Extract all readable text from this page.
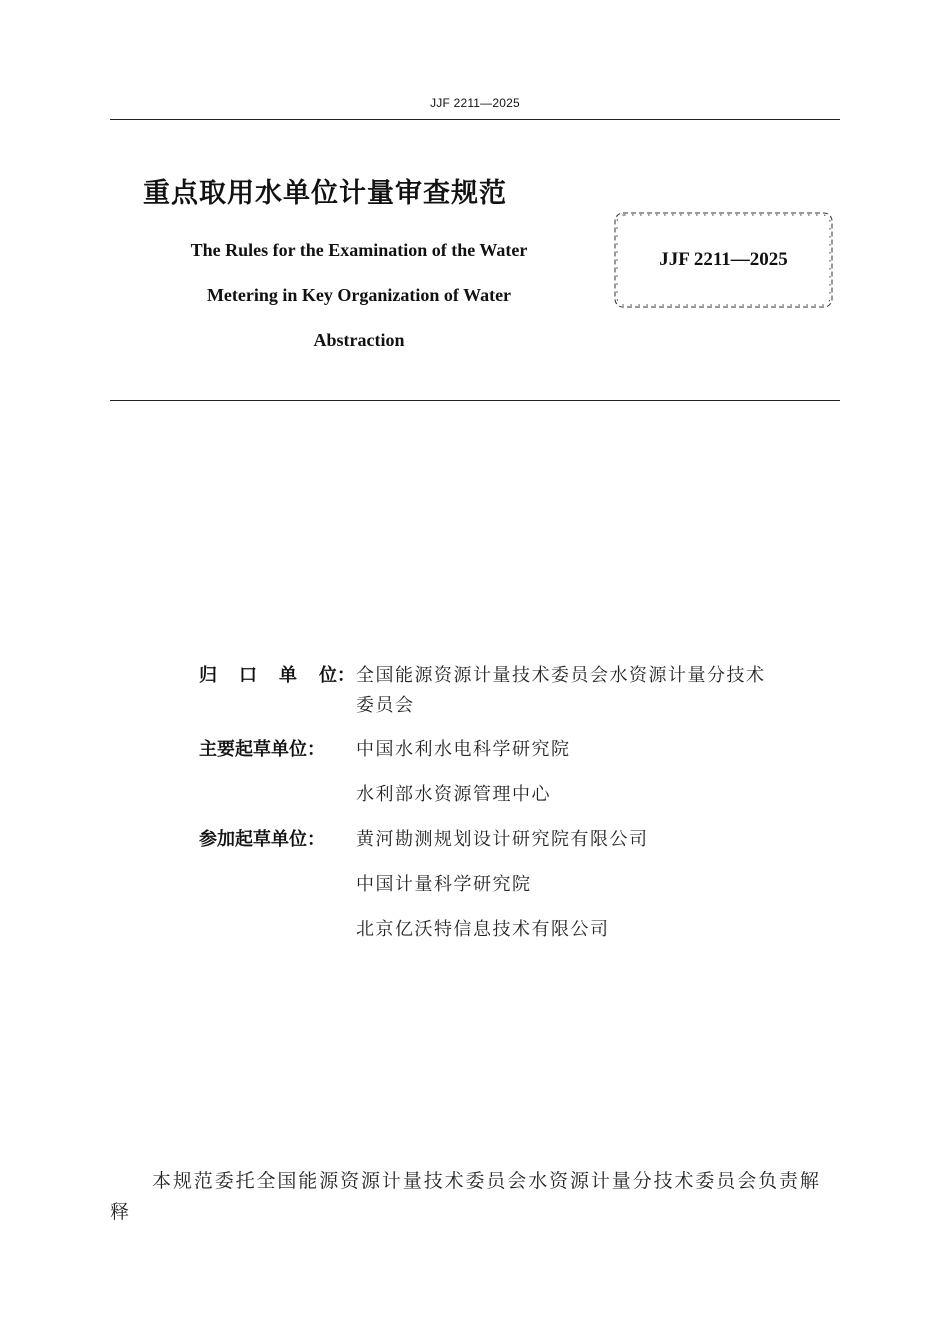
JJF 2211—2025
重点取用水单位计量审查规范
The Rules for the Examination of the Water
Metering in Key Organization of Water
Abstraction
JJF 2211—2025
归 口 单 位： 全国能源资源计量技术委员会水资源计量分技术
委员会
主要起草单位：	中国水利水电科学研究院
水利部水资源管理中心
参加起草单位：	黄河勘测规划设计研究院有限公司
中国计量科学研究院
北京亿沃特信息技术有限公司
本规范委托全国能源资源计量技术委员会水资源计量分技术委员会负责解释
